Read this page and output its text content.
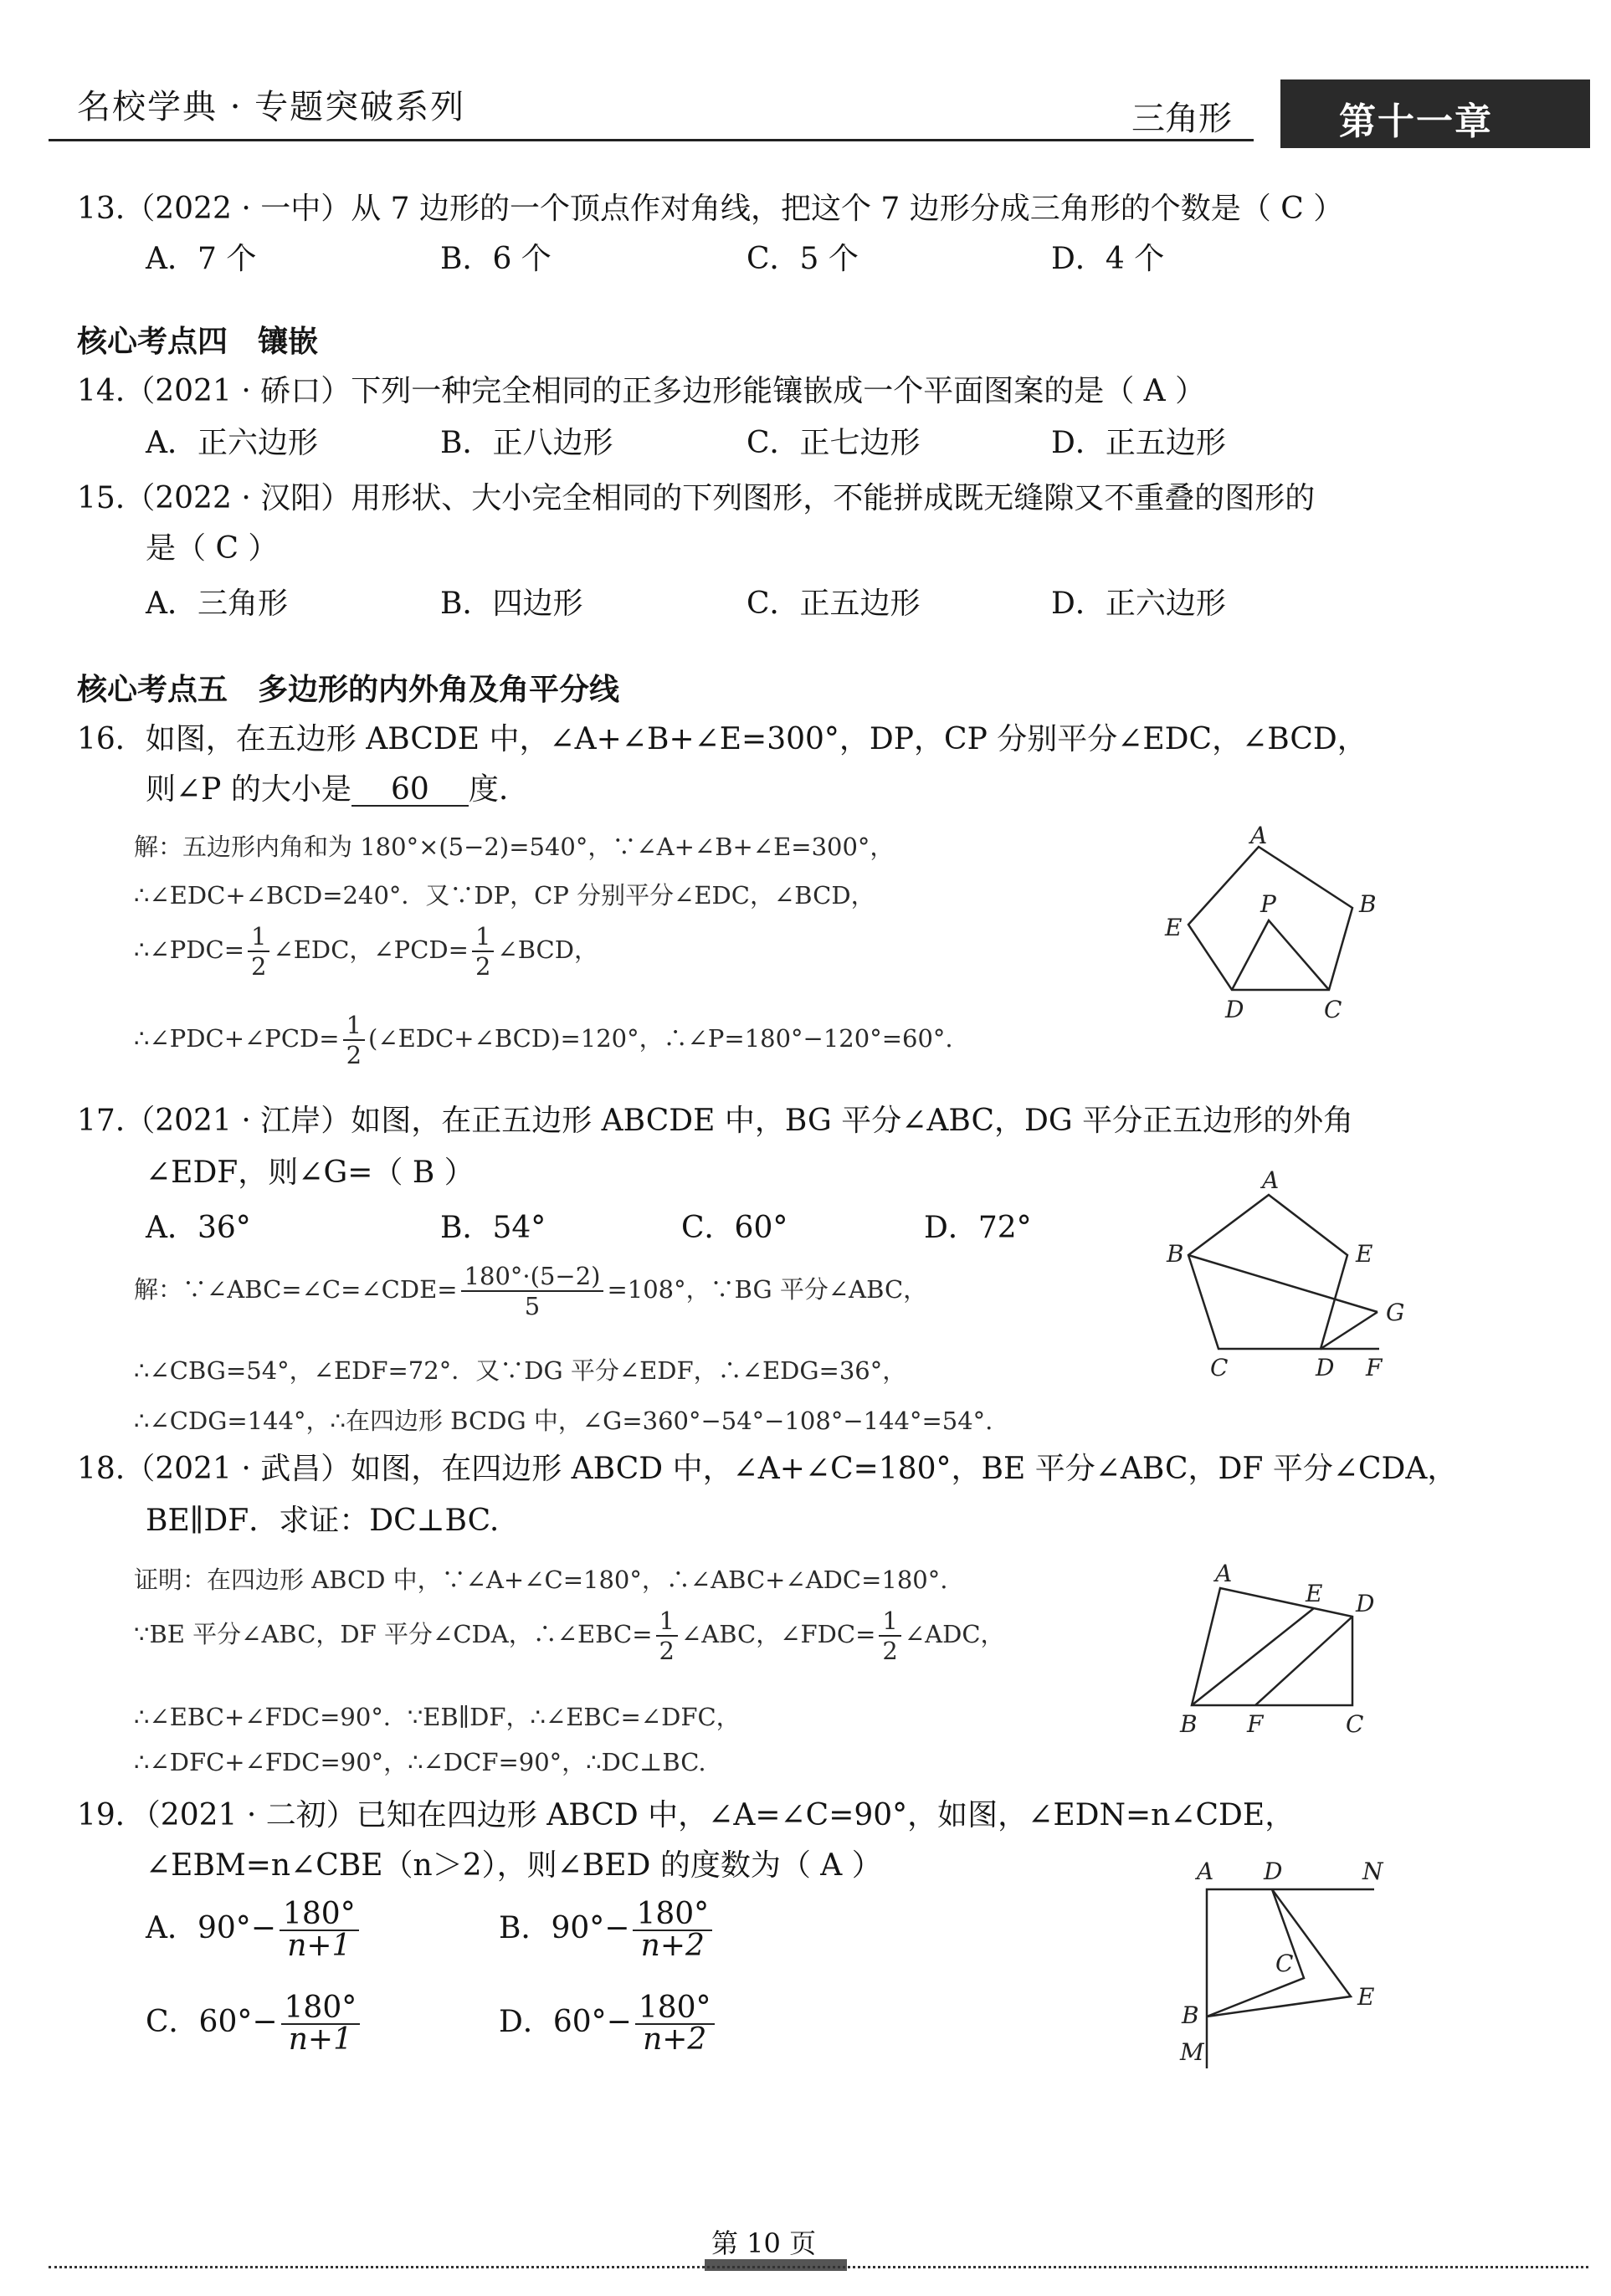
名校学典 · 专题突破系列	三角形	第十一章
13.（2022 · 一中）从 7 边形的一个顶点作对角线，把这个 7 边形分成三角形的个数是（ C ）
A．7 个	B．6 个	C．5 个	D．4 个
核心考点四　镶嵌
14.（2021 · 硚口）下列一种完全相同的正多边形能镶嵌成一个平面图案的是（ A ）
A．正六边形	B．正八边形	C．正七边形	D．正五边形
15.（2022 · 汉阳）用形状、大小完全相同的下列图形，不能拼成既无缝隙又不重叠的图形的
是（ C ）
A．三角形	B．四边形	C．正五边形	D．正六边形
核心考点五　多边形的内外角及角平分线
16．如图，在五边形 ABCDE 中，∠A+∠B+∠E=300°，DP，CP 分别平分∠EDC，∠BCD，
则∠P 的大小是 60 度.
解：五边形内角和为 180°×(5−2)=540°，∵∠A+∠B+∠E=300°，
∴∠EDC+∠BCD=240°．又∵DP，CP 分别平分∠EDC，∠BCD，
∴∠PDC= $\frac{1}{2}$ ∠EDC，∠PCD= $\frac{1}{2}$ ∠BCD，
∴∠PDC+∠PCD= $\frac{1}{2}$ (∠EDC+∠BCD)=120°，∴∠P=180°−120°=60°.
A
P	B
E
D	C
17.（2021 · 江岸）如图，在正五边形 ABCDE 中，BG 平分∠ABC，DG 平分正五边形的外角
∠EDF，则∠G=（ B ）
A．36°	B．54°	C．60°	D．72°
解：∵∠ABC=∠C=∠CDE= $\frac{180^\circ\cdot(5-2)}{5} =108^\circ$，∵BG 平分∠ABC，
∴∠CBG=54°，∠EDF=72°．又∵DG 平分∠EDF，∴∠EDG=36°，
∴∠CDG=144°，∴在四边形 BCDG 中，∠G=360°−54°−108°−144°=54°.
A
B	E
G
C	D F
18.（2021 · 武昌）如图，在四边形 ABCD 中，∠A+∠C=180°，BE 平分∠ABC，DF 平分∠CDA，
BE∥DF．求证：DC⊥BC.
证明：在四边形 ABCD 中，∵∠A+∠C=180°，∴∠ABC+∠ADC=180°.
∵BE 平分∠ABC，DF 平分∠CDA，∴∠EBC= $\frac{1}{2}$ ∠ABC，∠FDC= $\frac{1}{2}$ ∠ADC，
∴∠EBC+∠FDC=90°．∵EB∥DF，∴∠EBC=∠DFC，
∴∠DFC+∠FDC=90°，∴∠DCF=90°，∴DC⊥BC.
A
E D
B F	C
19．（2021 · 二初）已知在四边形 ABCD 中，∠A=∠C=90°，如图，∠EDN=n∠CDE，
∠EBM=n∠CBE（n＞2），则∠BED 的度数为（ A ）
A．$90^\circ- \frac{180^\circ}{n+1}$	B．$90^\circ- \frac{180^\circ}{n+2}$
C．$60^\circ- \frac{180^\circ}{n+1}$	D．$60^\circ- \frac{180^\circ}{n+2}$
A D	N
C
B
E
M
第 10 页
